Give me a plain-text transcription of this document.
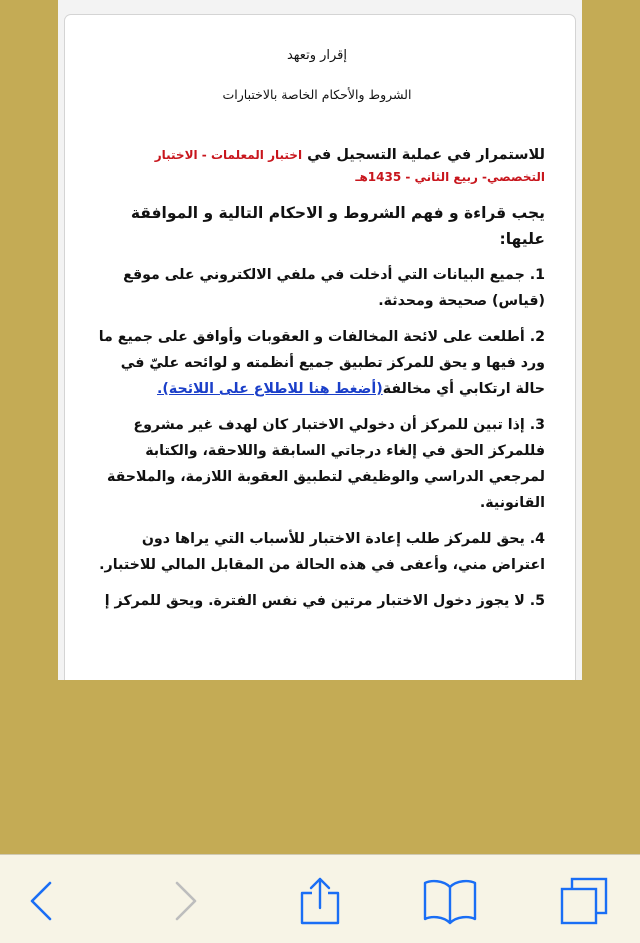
إقرار وتعهد
الشروط والأحكام الخاصة بالاختبارات
للاستمرار في عملية التسجيل في اختبار المعلمات - الاختبار التخصصي- ربيع الثاني - 1435هـ
يجب قراءة و فهم الشروط و الاحكام التالية و الموافقة عليها:
1. جميع البيانات التي أدخلت في ملفي الالكتروني على موقع (قياس) صحيحة ومحدثة.
2. أطلعت على لائحة المخالفات و العقوبات وأوافق على جميع ما ورد فيها و يحق للمركز تطبيق جميع أنظمته و لوائحه عليّ في حالة ارتكابي أي مخالفة(أضغط هنا للاطلاع على اللائحة).
3. إذا تبين للمركز أن دخولي الاختبار كان لهدف غير مشروع فللمركز الحق في إلغاء درجاتي السابقة واللاحقة، والكتابة لمرجعي الدراسي والوظيفي لتطبيق العقوبة اللازمة، والملاحقة القانونية.
4. يحق للمركز طلب إعادة الاختبار للأسباب التي يراها دون اعتراض مني، وأعفى في هذه الحالة من المقابل المالي للاختبار.
5. لا يجوز دخول الاختبار مرتين في نفس الفترة. ويحق للمركز إ
